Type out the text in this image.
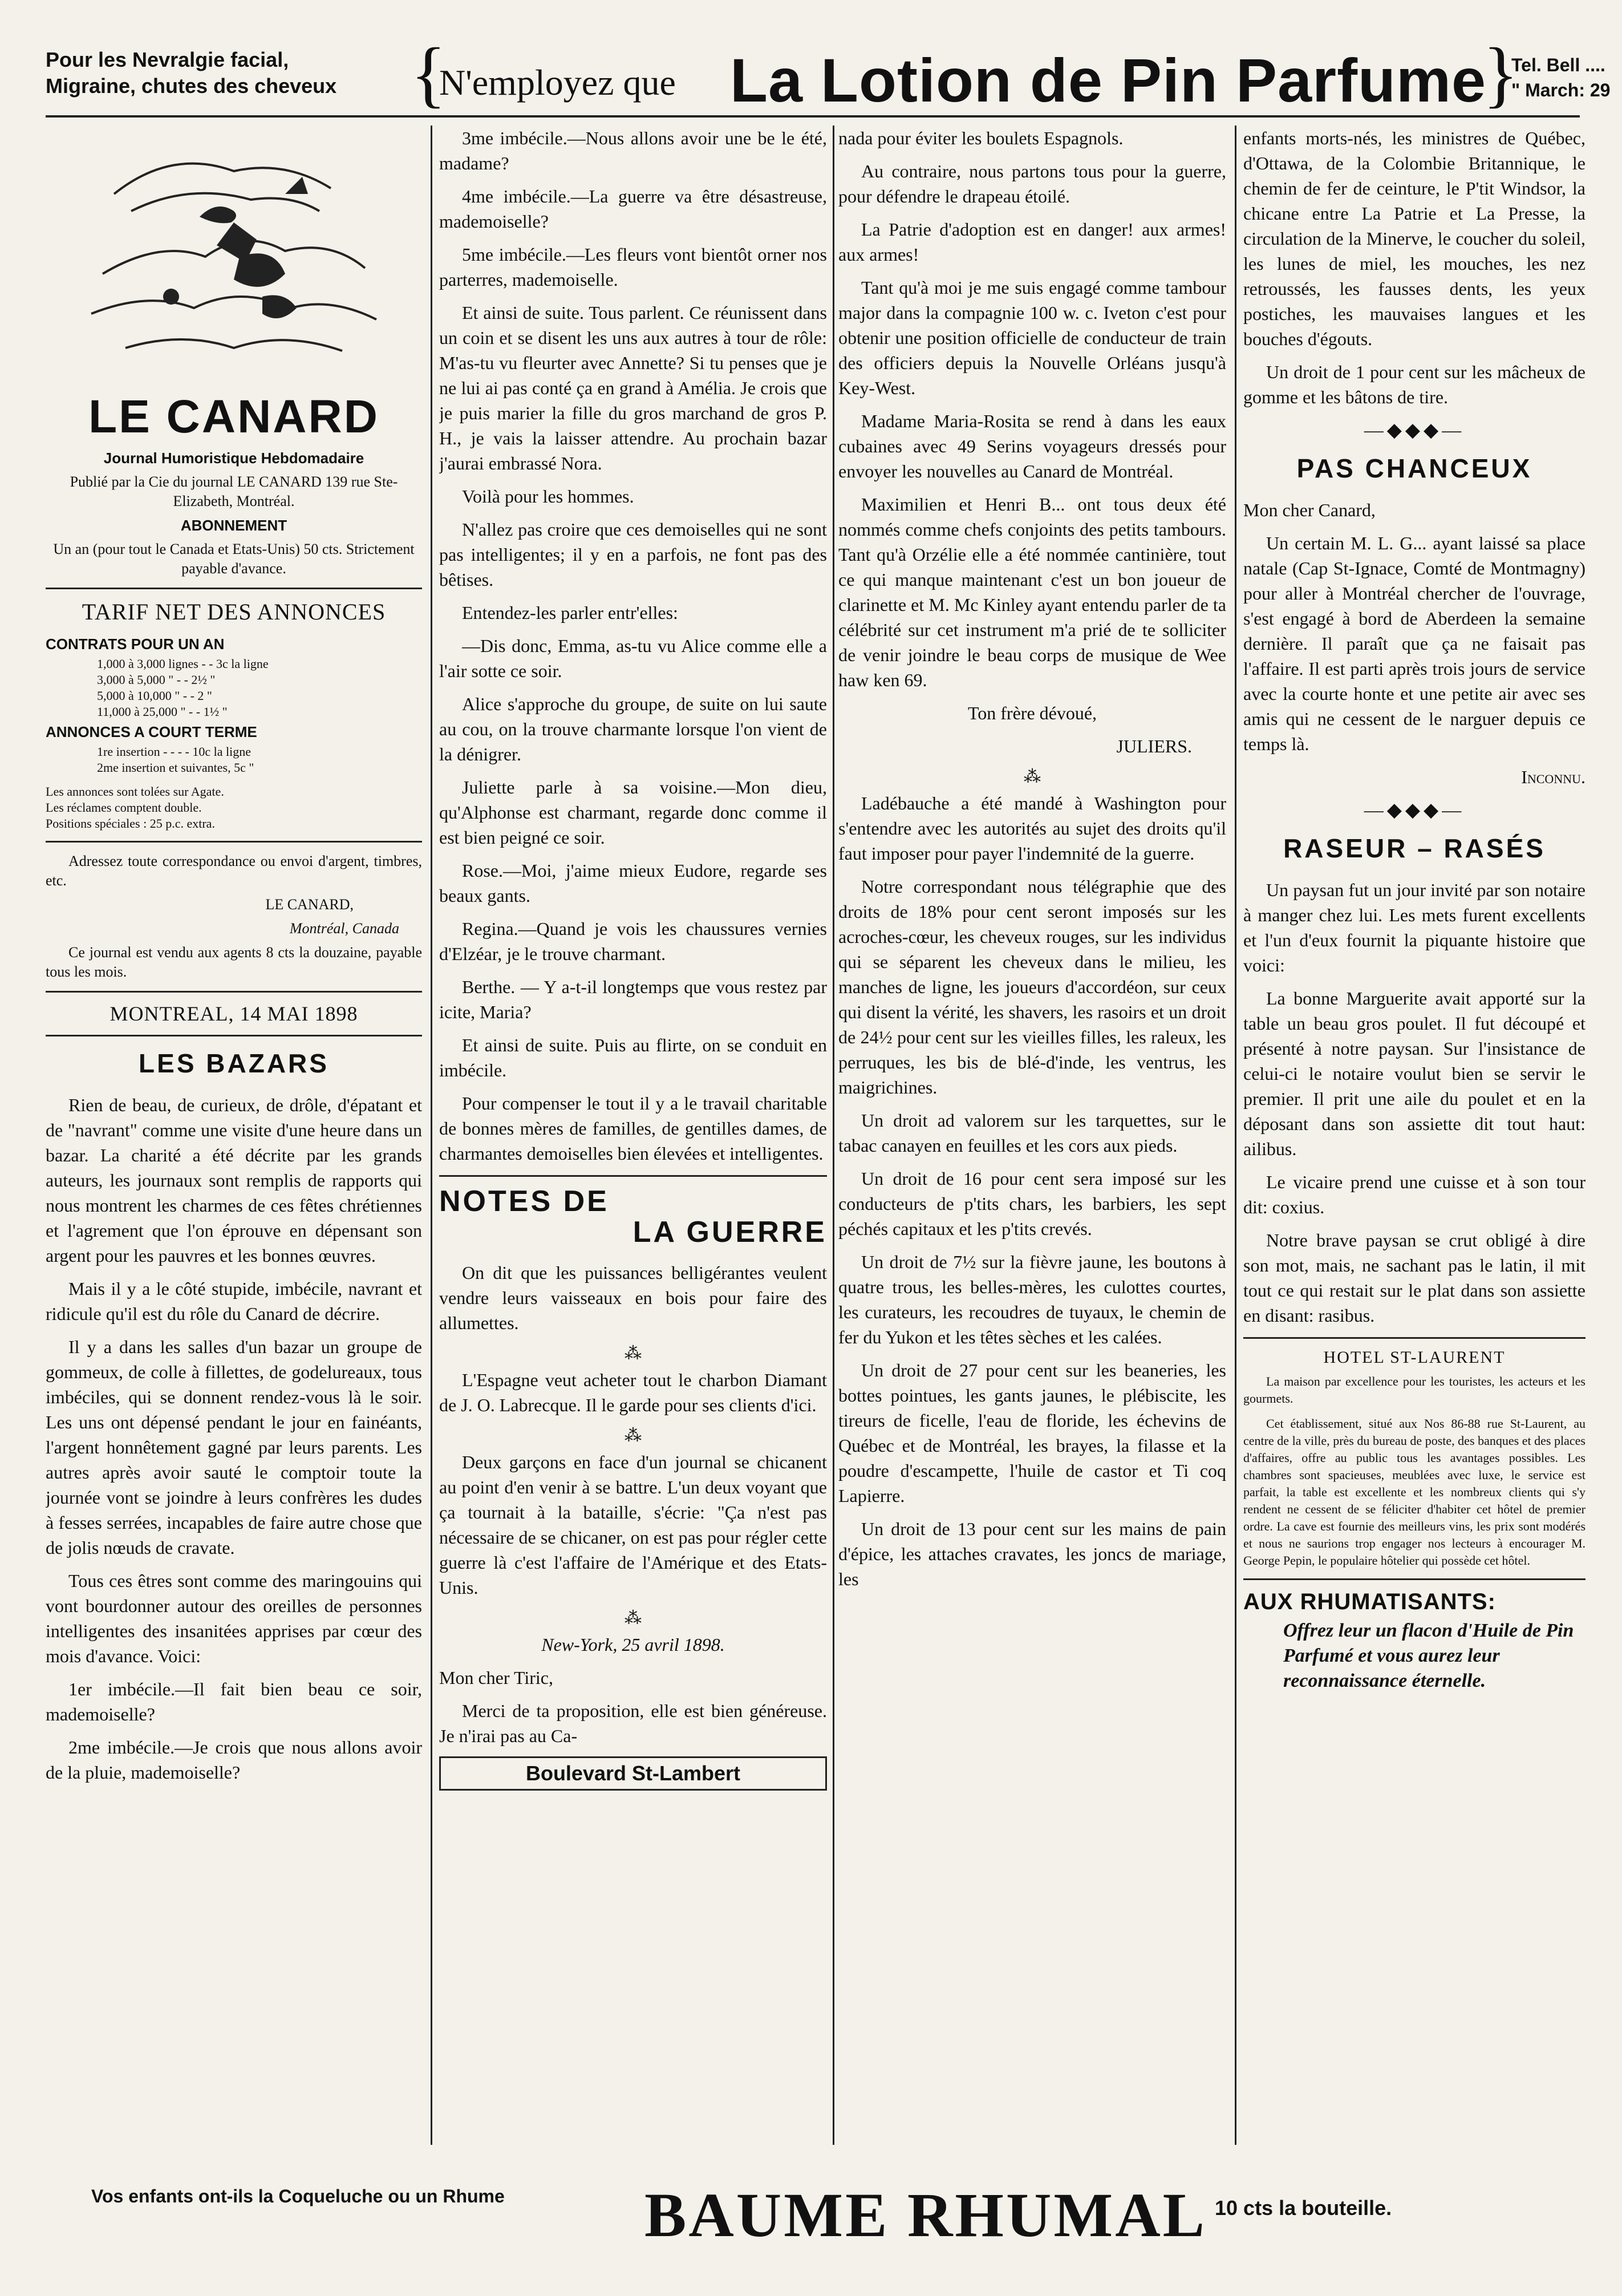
Pour les Nevralgie facial,
Migraine, chutes des cheveux {
N'employez que La Lotion de Pin Parfume
}
Tel. Bell ....
" March: 29
LE CANARD

Journal Humoristique Hebdomadaire

Publié par la Cie du journal LE CANARD 139 rue Ste-Elizabeth, Montréal.

ABONNEMENT

Un an (pour tout le Canada et Etats-Unis) 50 cts. Strictement payable d'avance.

TARIF NET DES ANNONCES
CONTRATS POUR UN AN
1,000 à 3,000 lignes - - 3c la ligne
3,000 à 5,000 " - - 2½ "
5,000 à 10,000 " - - 2 "
11,000 à 25,000 " - - 1½ "
ANNONCES A COURT TERME
1re insertion - - - - 10c la ligne
2me insertion et suivantes, 5c "
Les annonces sont tolées sur Agate.
Les réclames comptent double.
Positions spéciales : 25 p.c. extra.

Adressez toute correspondance ou envoi d'argent, timbres, etc.

LE CANARD,

Montréal, Canada

Ce journal est vendu aux agents 8 cts la douzaine, payable tous les mois.

MONTREAL, 14 MAI 1898
LES BAZARS

Rien de beau, de curieux, de drôle, d'épatant et de "navrant" comme une visite d'une heure dans un bazar. La charité a été décrite par les grands auteurs, les journaux sont remplis de rapports qui nous montrent les charmes de ces fêtes chrétiennes et l'agrement que l'on éprouve en dépensant son argent pour les pauvres et les bonnes œuvres.

Mais il y a le côté stupide, imbécile, navrant et ridicule qu'il est du rôle du Canard de décrire.

Il y a dans les salles d'un bazar un groupe de gommeux, de colle à fillettes, de godelureaux, tous imbéciles, qui se donnent rendez-vous là le soir. Les uns ont dépensé pendant le jour en fainéants, l'argent honnêtement gagné par leurs parents. Les autres après avoir sauté le comptoir toute la journée vont se joindre à leurs confrères les dudes à fesses serrées, incapables de faire autre chose que de jolis nœuds de cravate.

Tous ces êtres sont comme des maringouins qui vont bourdonner autour des oreilles de personnes intelligentes des insanitées apprises par cœur des mois d'avance. Voici:

1er imbécile.—Il fait bien beau ce soir, mademoiselle?

2me imbécile.—Je crois que nous allons avoir de la pluie, mademoiselle?

3me imbécile.—Nous allons avoir une be le été, madame?

4me imbécile.—La guerre va être désastreuse, mademoiselle?

5me imbécile.—Les fleurs vont bientôt orner nos parterres, mademoiselle.

Et ainsi de suite. Tous parlent. Ce réunissent dans un coin et se disent les uns aux autres à tour de rôle: M'as-tu vu fleurter avec Annette? Si tu penses que je ne lui ai pas conté ça en grand à Amélia. Je crois que je puis marier la fille du gros marchand de gros P. H., je vais la laisser attendre. Au prochain bazar j'aurai embrassé Nora.

Voilà pour les hommes.

N'allez pas croire que ces demoiselles qui ne sont pas intelligentes; il y en a parfois, ne font pas des bêtises.

Entendez-les parler entr'elles:

—Dis donc, Emma, as-tu vu Alice comme elle a l'air sotte ce soir.

Alice s'approche du groupe, de suite on lui saute au cou, on la trouve charmante lorsque l'on vient de la dénigrer.

Juliette parle à sa voisine.—Mon dieu, qu'Alphonse est charmant, regarde donc comme il est bien peigné ce soir.

Rose.—Moi, j'aime mieux Eudore, regarde ses beaux gants.

Regina.—Quand je vois les chaussures vernies d'Elzéar, je le trouve charmant.

Berthe. — Y a-t-il longtemps que vous restez par icite, Maria?

Et ainsi de suite. Puis au flirte, on se conduit en imbécile.

Pour compenser le tout il y a le travail charitable de bonnes mères de familles, de gentilles dames, de charmantes demoiselles bien élevées et intelligentes.

NOTES DE
LA GUERRE

On dit que les puissances belligérantes veulent vendre leurs vaisseaux en bois pour faire des allumettes.

⁂

L'Espagne veut acheter tout le charbon Diamant de J. O. Labrecque. Il le garde pour ses clients d'ici.

⁂

Deux garçons en face d'un journal se chicanent au point d'en venir à se battre. L'un deux voyant que ça tournait à la bataille, s'écrie: "Ça n'est pas nécessaire de se chicaner, on est pas pour régler cette guerre là c'est l'affaire de l'Amérique et des Etats-Unis.

⁂

New-York, 25 avril 1898.

Mon cher Tiric,

Merci de ta proposition, elle est bien généreuse. Je n'irai pas au Ca-

Boulevard St-Lambert

nada pour éviter les boulets Espagnols.

Au contraire, nous partons tous pour la guerre, pour défendre le drapeau étoilé.

La Patrie d'adoption est en danger! aux armes! aux armes!

Tant qu'à moi je me suis engagé comme tambour major dans la compagnie 100 w. c. Iveton c'est pour obtenir une position officielle de conducteur de train des officiers depuis la Nouvelle Orléans jusqu'à Key-West.

Madame Maria-Rosita se rend à dans les eaux cubaines avec 49 Serins voyageurs dressés pour envoyer les nouvelles au Canard de Montréal.

Maximilien et Henri B... ont tous deux été nommés comme chefs conjoints des petits tambours. Tant qu'à Orzélie elle a été nommée cantinière, tout ce qui manque maintenant c'est un bon joueur de clarinette et M. Mc Kinley ayant entendu parler de ta célébrité sur cet instrument m'a prié de te solliciter de venir joindre le beau corps de musique de Wee haw ken 69.

Ton frère dévoué,

JULIERS.

⁂

Ladébauche a été mandé à Washington pour s'entendre avec les autorités au sujet des droits qu'il faut imposer pour payer l'indemnité de la guerre.

Notre correspondant nous télégraphie que des droits de 18% pour cent seront imposés sur les acroches-cœur, les cheveux rouges, sur les individus qui se séparent les cheveux dans le milieu, les manches de ligne, les joueurs d'accordéon, sur ceux qui disent la vérité, les shavers, les rasoirs et un droit de 24½ pour cent sur les vieilles filles, les raleux, les perruques, les bis de blé-d'inde, les ventrus, les maigrichines.

Un droit ad valorem sur les tarquettes, sur le tabac canayen en feuilles et les cors aux pieds.

Un droit de 16 pour cent sera imposé sur les conducteurs de p'tits chars, les barbiers, les sept péchés capitaux et les p'tits crevés.

Un droit de 7½ sur la fièvre jaune, les boutons à quatre trous, les belles-mères, les culottes courtes, les curateurs, les recoudres de tuyaux, le chemin de fer du Yukon et les têtes sèches et les calées.

Un droit de 27 pour cent sur les beaneries, les bottes pointues, les gants jaunes, le plébiscite, les tireurs de ficelle, l'eau de floride, les échevins de Québec et de Montréal, les brayes, la filasse et la poudre d'escampette, l'huile de castor et Ti coq Lapierre.

Un droit de 13 pour cent sur les mains de pain d'épice, les attaches cravates, les joncs de mariage, les

enfants morts-nés, les ministres de Québec, d'Ottawa, de la Colombie Britannique, le chemin de fer de ceinture, le P'tit Windsor, la chicane entre La Patrie et La Presse, la circulation de la Minerve, le coucher du soleil, les lunes de miel, les mouches, les nez retroussés, les fausses dents, les yeux postiches, les mauvaises langues et les bouches d'égouts.

Un droit de 1 pour cent sur les mâcheux de gomme et les bâtons de tire.

—◆◆◆—
PAS CHANCEUX

Mon cher Canard,

Un certain M. L. G... ayant laissé sa place natale (Cap St-Ignace, Comté de Montmagny) pour aller à Montréal chercher de l'ouvrage, s'est engagé à bord de Aberdeen la semaine dernière. Il paraît que ça ne faisait pas l'affaire. Il est parti après trois jours de service avec la courte honte et une petite air avec ses amis qui ne cessent de le narguer depuis ce temps là.

Inconnu.

—◆◆◆—
RASEUR – RASÉS

Un paysan fut un jour invité par son notaire à manger chez lui. Les mets furent excellents et l'un d'eux fournit la piquante histoire que voici:

La bonne Marguerite avait apporté sur la table un beau gros poulet. Il fut découpé et présenté à notre paysan. Sur l'insistance de celui-ci le notaire voulut bien se servir le premier. Il prit une aile du poulet et en la déposant dans son assiette dit tout haut: ailibus.

Le vicaire prend une cuisse et à son tour dit: coxius.

Notre brave paysan se crut obligé à dire son mot, mais, ne sachant pas le latin, il mit tout ce qui restait sur le plat dans son assiette en disant: rasibus.

HOTEL ST-LAURENT

La maison par excellence pour les touristes, les acteurs et les gourmets.

Cet établissement, situé aux Nos 86-88 rue St-Laurent, au centre de la ville, près du bureau de poste, des banques et des places d'affaires, offre au public tous les avantages possibles. Les chambres sont spacieuses, meublées avec luxe, le service est parfait, la table est excellente et les nombreux clients qui s'y rendent ne cessent de se féliciter d'habiter cet hôtel de premier ordre. La cave est fournie des meilleurs vins, les prix sont modérés et nous ne saurions trop engager nos lecteurs à encourager M. George Pepin, le populaire hôtelier qui possède cet hôtel.

AUX RHUMATISANTS:
Offrez leur un flacon d'Huile de Pin Parfumé et vous aurez leur reconnaissance éternelle.
Vos enfants ont-ils la Coqueluche ou un Rhume	BAUME RHUMAL 10 cts la bouteille.
